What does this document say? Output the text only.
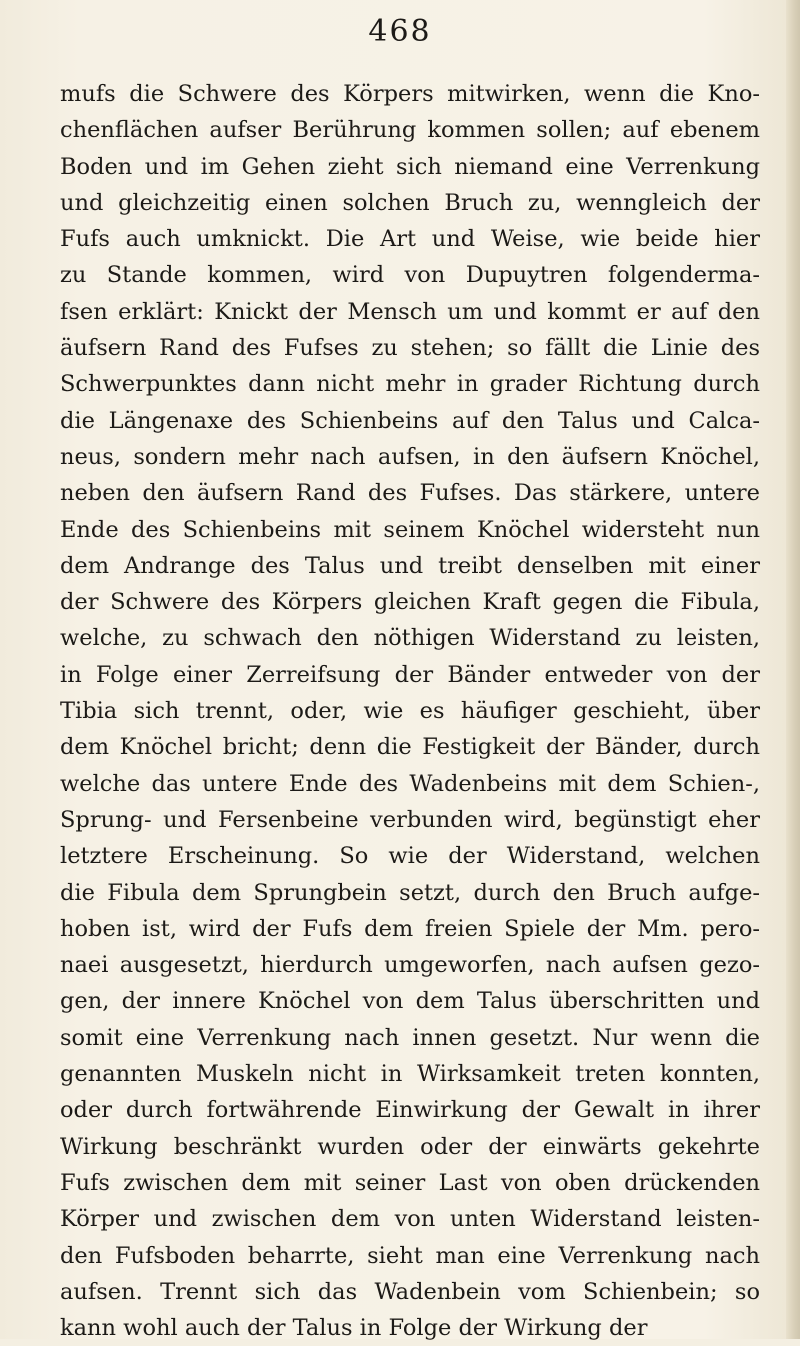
468
mufs die Schwere des Körpers mitwirken, wenn die Kno-
chenflächen aufser Berührung kommen sollen; auf ebenem
Boden und im Gehen zieht sich niemand eine Verrenkung
und gleichzeitig einen solchen Bruch zu, wenngleich der
Fufs auch umknickt. Die Art und Weise, wie beide hier
zu Stande kommen, wird von Dupuytren folgenderma-
fsen erklärt: Knickt der Mensch um und kommt er auf den
äufsern Rand des Fufses zu stehen; so fällt die Linie des
Schwerpunktes dann nicht mehr in grader Richtung durch
die Längenaxe des Schienbeins auf den Talus und Calca-
neus, sondern mehr nach aufsen, in den äufsern Knöchel,
neben den äufsern Rand des Fufses. Das stärkere, untere
Ende des Schienbeins mit seinem Knöchel widersteht nun
dem Andrange des Talus und treibt denselben mit einer
der Schwere des Körpers gleichen Kraft gegen die Fibula,
welche, zu schwach den nöthigen Widerstand zu leisten,
in Folge einer Zerreifsung der Bänder entweder von der
Tibia sich trennt, oder, wie es häufiger geschieht, über
dem Knöchel bricht; denn die Festigkeit der Bänder, durch
welche das untere Ende des Wadenbeins mit dem Schien-,
Sprung- und Fersenbeine verbunden wird, begünstigt eher
letztere Erscheinung. So wie der Widerstand, welchen
die Fibula dem Sprungbein setzt, durch den Bruch aufge-
hoben ist, wird der Fufs dem freien Spiele der Mm. pero-
naei ausgesetzt, hierdurch umgeworfen, nach aufsen gezo-
gen, der innere Knöchel von dem Talus überschritten und
somit eine Verrenkung nach innen gesetzt. Nur wenn die
genannten Muskeln nicht in Wirksamkeit treten konnten,
oder durch fortwährende Einwirkung der Gewalt in ihrer
Wirkung beschränkt wurden oder der einwärts gekehrte
Fufs zwischen dem mit seiner Last von oben drückenden
Körper und zwischen dem von unten Widerstand leisten-
den Fufsboden beharrte, sieht man eine Verrenkung nach
aufsen. Trennt sich das Wadenbein vom Schienbein; so
kann wohl auch der Talus in Folge der Wirkung der
